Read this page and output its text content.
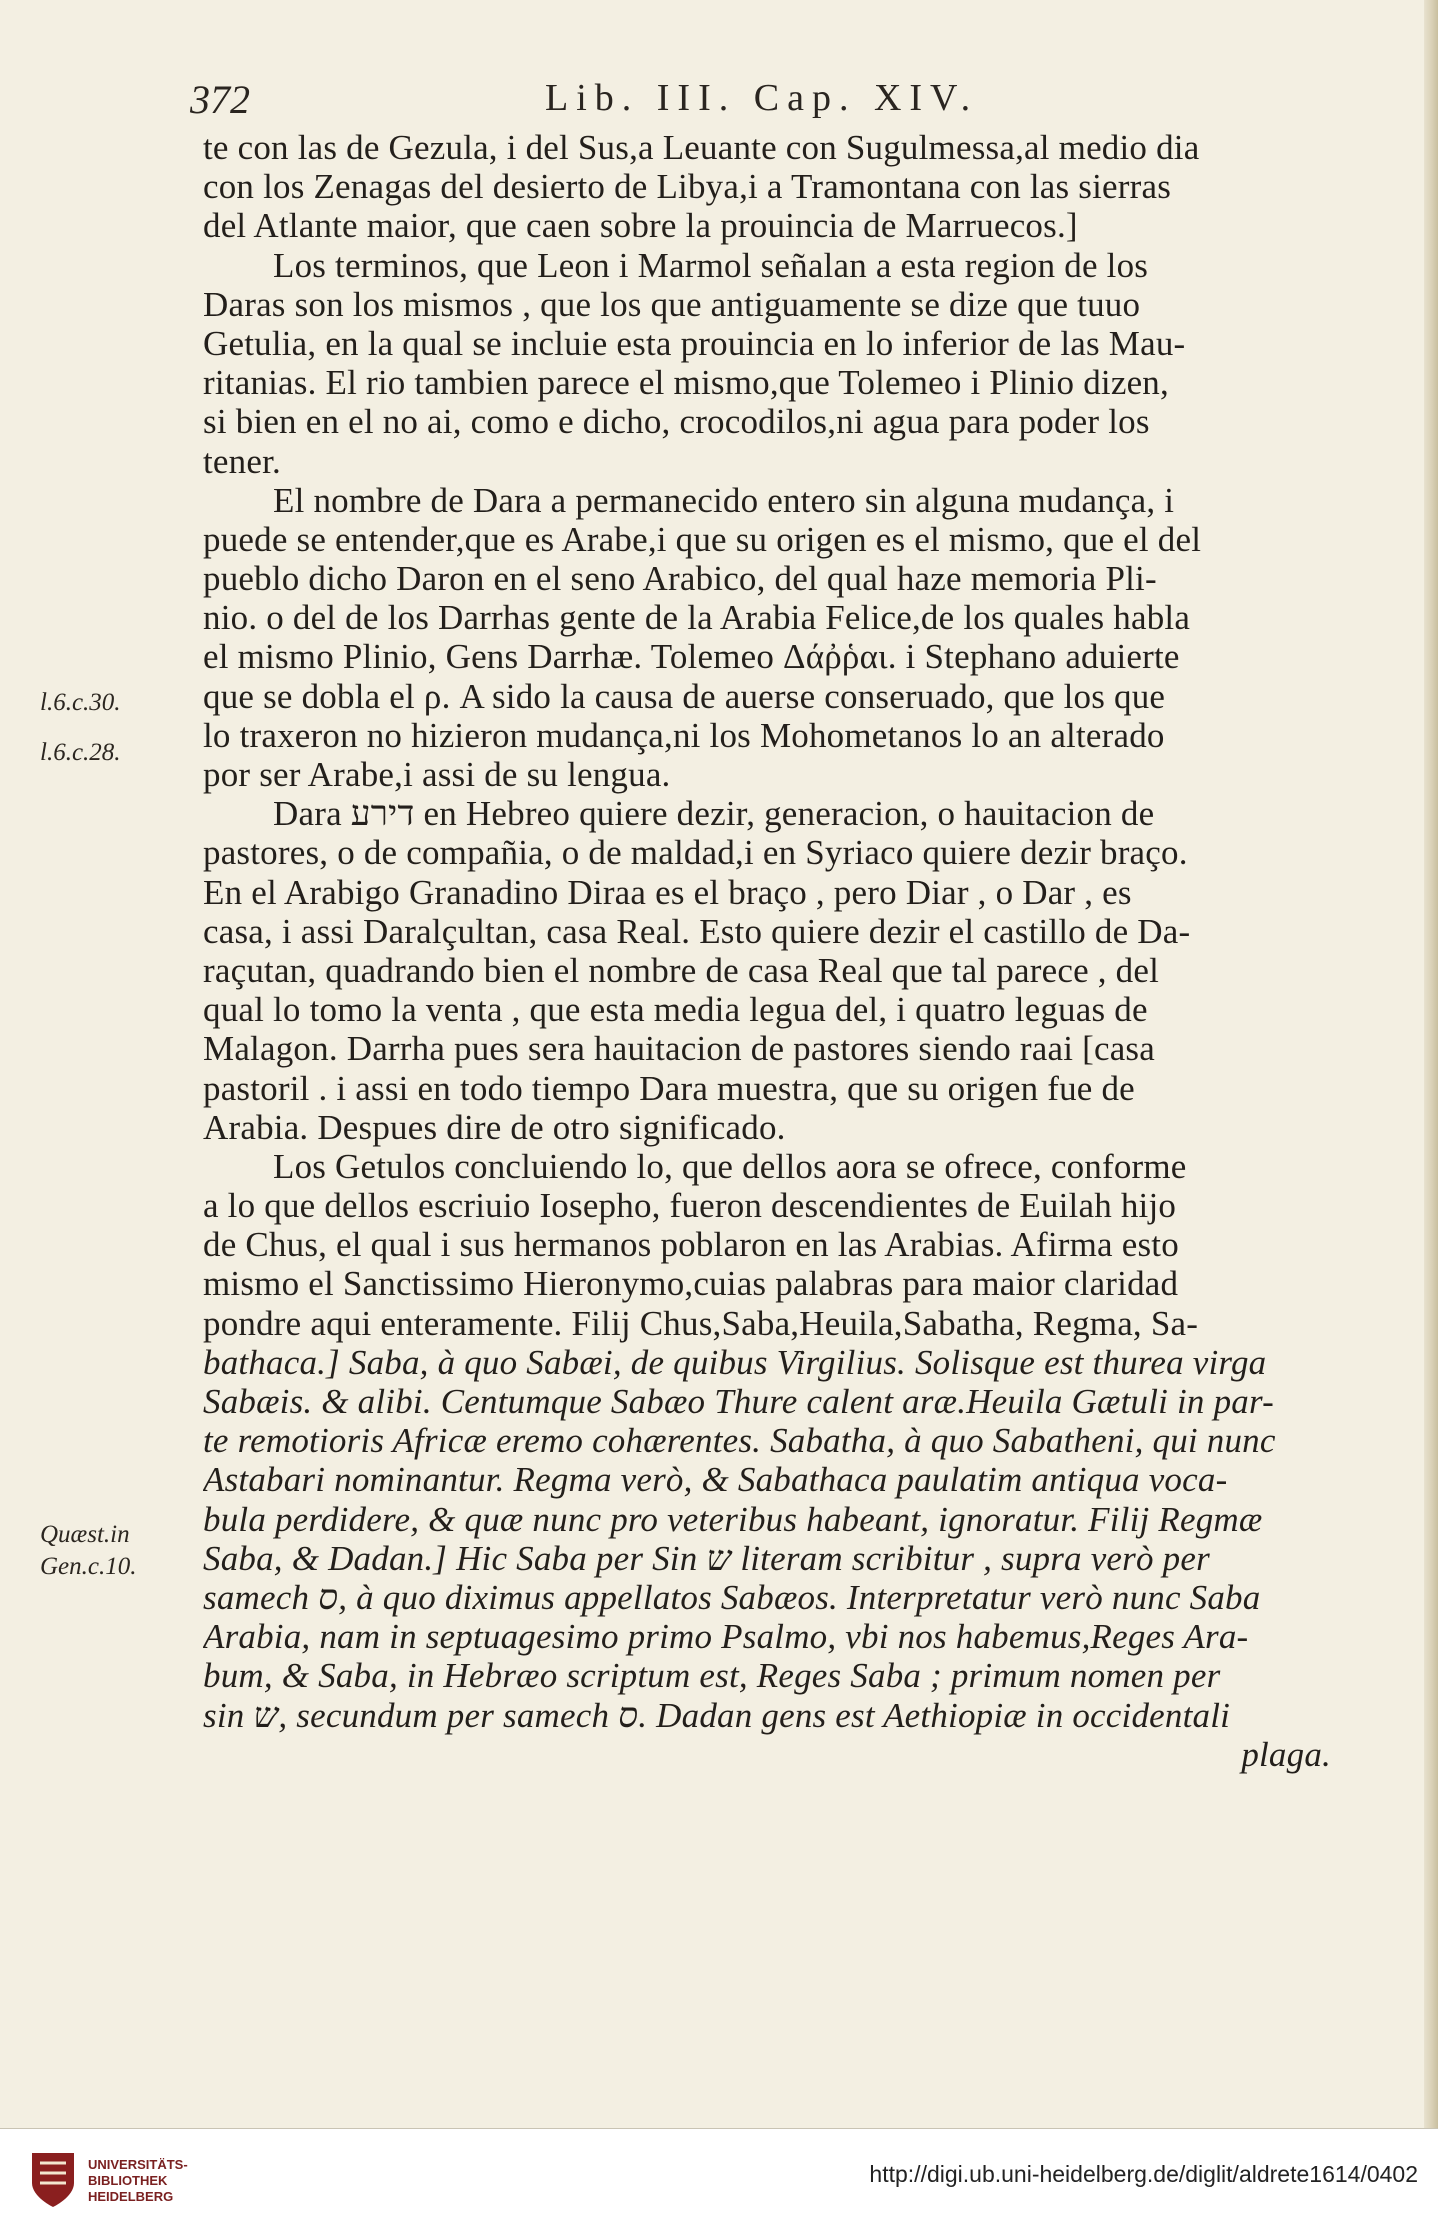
372	Lib. III. Cap. XIV.
l.6.c.30.
l.6.c.28.
Quæst.in
Gen.c.10.
te con las de Gezula, i del Sus,a Leuante con Sugulmessa,al medio dia
con los Zenagas del desierto de Libya,i a Tramontana con las sierras
del Atlante maior, que caen sobre la prouincia de Marruecos.]
Los terminos, que Leon i Marmol señalan a esta region de los
Daras son los mismos , que los que antiguamente se dize que tuuo
Getulia, en la qual se incluie esta prouincia en lo inferior de las Mau-
ritanias. El rio tambien parece el mismo,que Tolemeo i Plinio dizen,
si bien en el no ai, como e dicho, crocodilos,ni agua para poder los
tener.
El nombre de Dara a permanecido entero sin alguna mudança, i
puede se entender,que es Arabe,i que su origen es el mismo, que el del
pueblo dicho Daron en el seno Arabico, del qual haze memoria Pli-
nio. o del de los Darrhas gente de la Arabia Felice,de los quales habla
el mismo Plinio, Gens Darrhæ. Tolemeo Δάῤῥαι. i Stephano aduierte
que se dobla el ρ. A sido la causa de auerse conseruado, que los que
lo traxeron no hizieron mudança,ni los Mohometanos lo an alterado
por ser Arabe,i assi de su lengua.
Dara דירע en Hebreo quiere dezir, generacion, o hauitacion de
pastores, o de compañia, o de maldad,i en Syriaco quiere dezir braço.
En el Arabigo Granadino Diraa es el braço , pero Diar , o Dar , es
casa, i assi Daralçultan, casa Real. Esto quiere dezir el castillo de Da-
raçutan, quadrando bien el nombre de casa Real que tal parece , del
qual lo tomo la venta , que esta media legua del, i quatro leguas de
Malagon. Darrha pues sera hauitacion de pastores siendo raai [casa
pastoril . i assi en todo tiempo Dara muestra, que su origen fue de
Arabia. Despues dire de otro significado.
Los Getulos concluiendo lo, que dellos aora se ofrece, conforme
a lo que dellos escriuio Iosepho, fueron descendientes de Euilah hijo
de Chus, el qual i sus hermanos poblaron en las Arabias. Afirma esto
mismo el Sanctissimo Hieronymo,cuias palabras para maior claridad
pondre aqui enteramente. Filij Chus,Saba,Heuila,Sabatha, Regma, Sa-
bathaca.] Saba, à quo Sabæi, de quibus Virgilius. Solisque est thurea virga
Sabæis. & alibi. Centumque Sabæo Thure calent aræ.Heuila Gætuli in par-
te remotioris Africæ eremo cohærentes. Sabatha, à quo Sabatheni, qui nunc
Astabari nominantur. Regma verò, & Sabathaca paulatim antiqua voca-
bula perdidere, & quæ nunc pro veteribus habeant, ignoratur. Filij Regmæ
Saba, & Dadan.] Hic Saba per Sin ש literam scribitur , supra verò per
samech ס, à quo diximus appellatos Sabæos. Interpretatur verò nunc Saba
Arabia, nam in septuagesimo primo Psalmo, vbi nos habemus,Reges Ara-
bum, & Saba, in Hebræo scriptum est, Reges Saba ; primum nomen per
sin ש, secundum per samech ס. Dadan gens est Aethiopiæ in occidentali
plaga.
UNIVERSITÄTS-
BIBLIOTHEK
HEIDELBERG
http://digi.ub.uni-heidelberg.de/diglit/aldrete1614/0402
